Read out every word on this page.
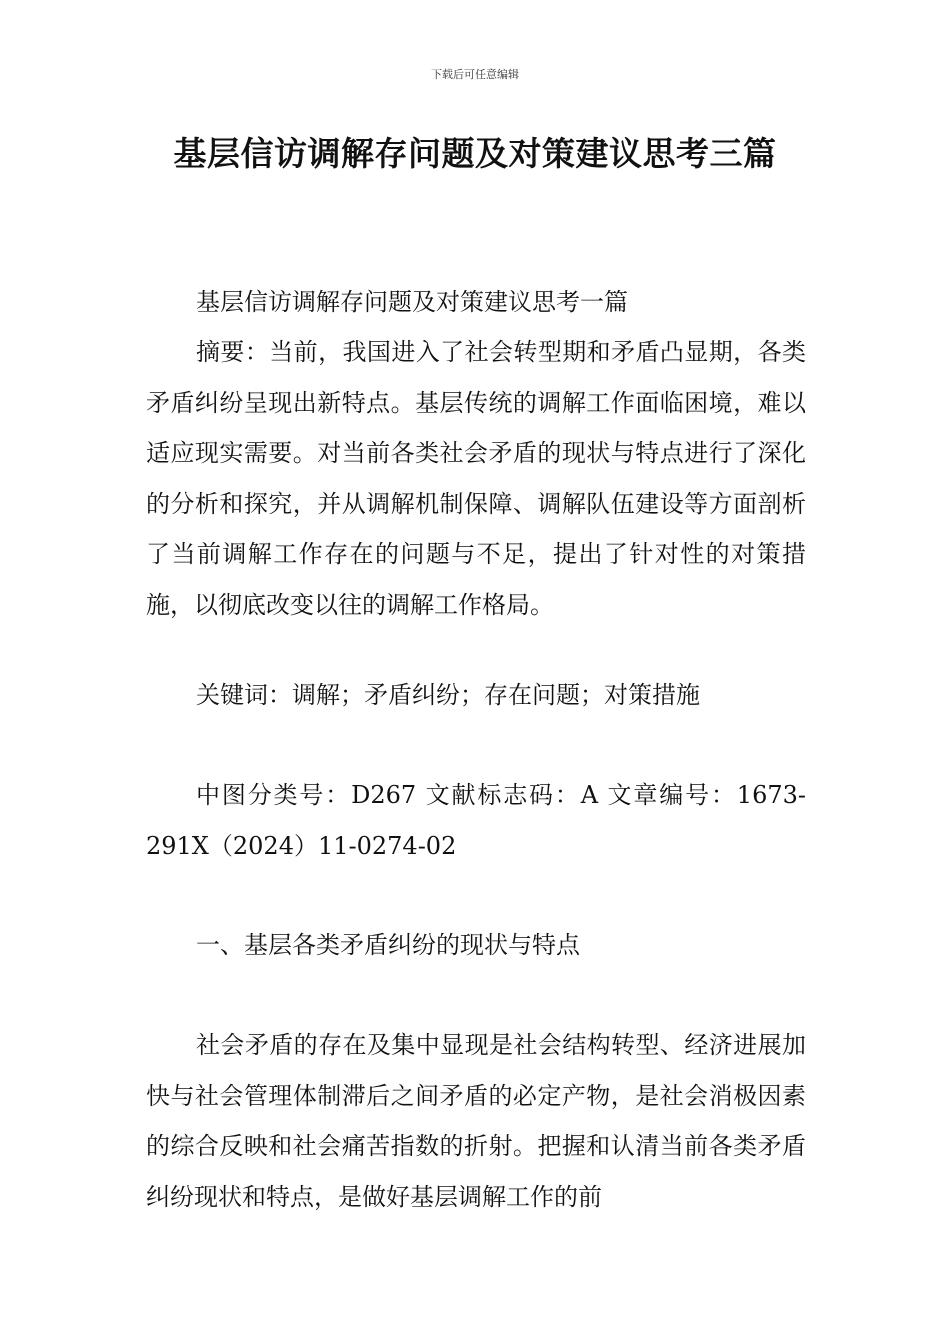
下载后可任意编辑
基层信访调解存问题及对策建议思考三篇

基层信访调解存问题及对策建议思考一篇

摘要：当前，我国进入了社会转型期和矛盾凸显期，各类矛盾纠纷呈现出新特点。基层传统的调解工作面临困境，难以适应现实需要。对当前各类社会矛盾的现状与特点进行了深化的分析和探究，并从调解机制保障、调解队伍建设等方面剖析了当前调解工作存在的问题与不足，提出了针对性的对策措施，以彻底改变以往的调解工作格局。

关键词：调解；矛盾纠纷；存在问题；对策措施

中图分类号：D267 文献标志码：A 文章编号：1673-291X（2024）11-0274-02

一、基层各类矛盾纠纷的现状与特点

社会矛盾的存在及集中显现是社会结构转型、经济进展加快与社会管理体制滞后之间矛盾的必定产物，是社会消极因素的综合反映和社会痛苦指数的折射。把握和认清当前各类矛盾纠纷现状和特点，是做好基层调解工作的前
